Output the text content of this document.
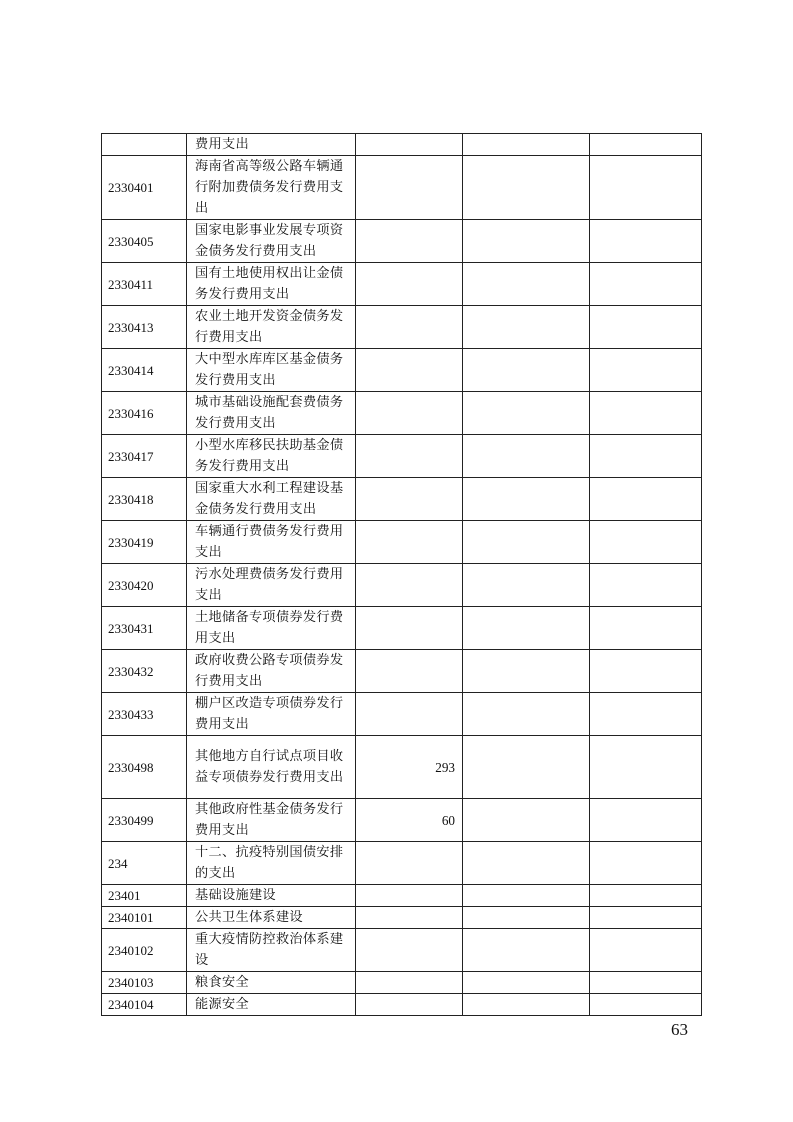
	费用支出			
2330401	海南省高等级公路车辆通行附加费债务发行费用支出			
2330405	国家电影事业发展专项资金债务发行费用支出			
2330411	国有土地使用权出让金债务发行费用支出			
2330413	农业土地开发资金债务发行费用支出			
2330414	大中型水库库区基金债务发行费用支出			
2330416	城市基础设施配套费债务发行费用支出			
2330417	小型水库移民扶助基金债务发行费用支出			
2330418	国家重大水利工程建设基金债务发行费用支出			
2330419	车辆通行费债务发行费用支出			
2330420	污水处理费债务发行费用支出			
2330431	土地储备专项债券发行费用支出			
2330432	政府收费公路专项债券发行费用支出			
2330433	棚户区改造专项债券发行费用支出			
2330498	其他地方自行试点项目收益专项债券发行费用支出	293		
2330499	其他政府性基金债务发行费用支出	60		
234	十二、抗疫特别国债安排的支出			
23401	基础设施建设			
2340101	公共卫生体系建设			
2340102	重大疫情防控救治体系建设			
2340103	粮食安全			
2340104	能源安全			
63
